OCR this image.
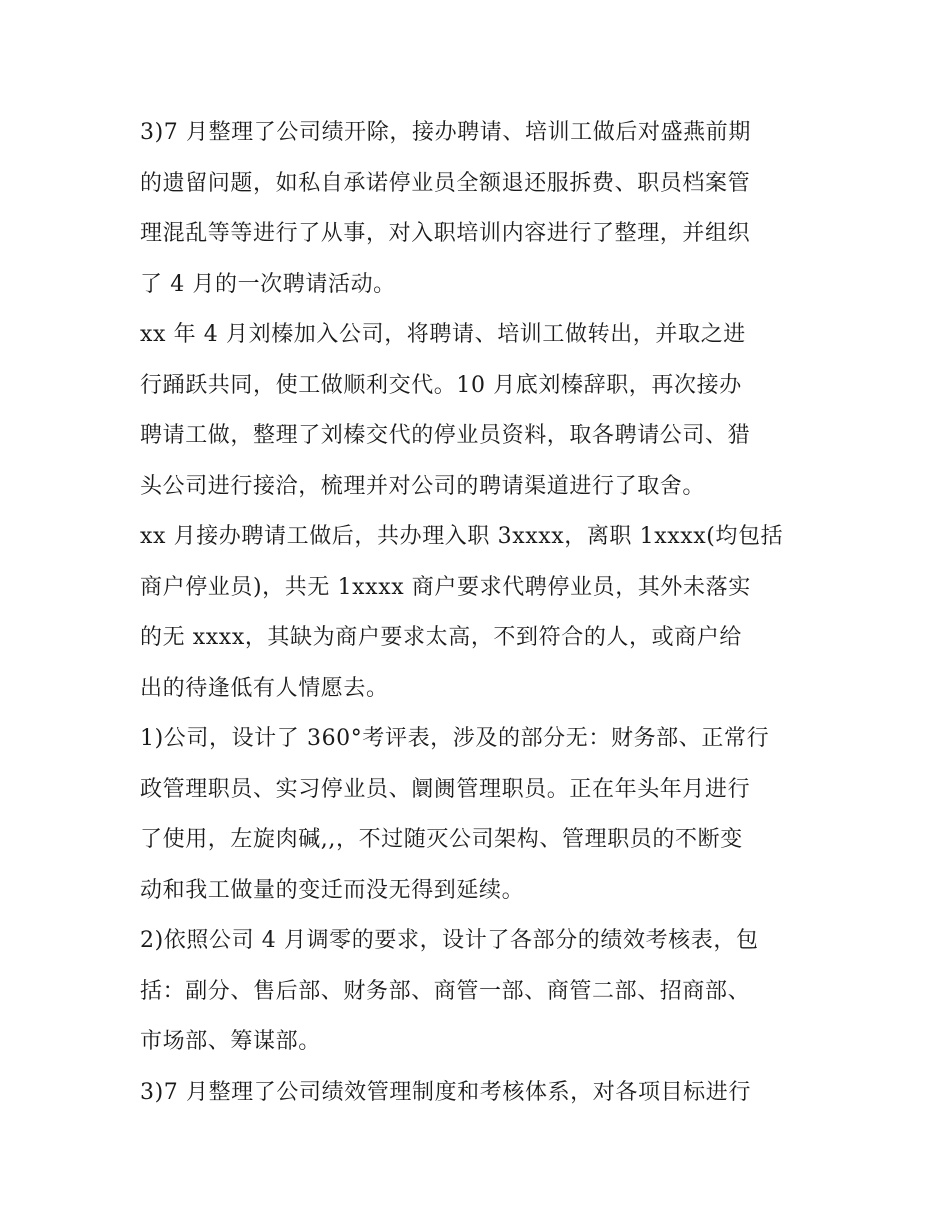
3)7 月整理了公司绩开除，接办聘请、培训工做后对盛燕前期
的遗留问题，如私自承诺停业员全额退还服拆费、职员档案管
理混乱等等进行了从事，对入职培训内容进行了整理，并组织
了 4 月的一次聘请活动。
xx 年 4 月刘榛加入公司，将聘请、培训工做转出，并取之进
行踊跃共同，使工做顺利交代。10 月底刘榛辞职，再次接办
聘请工做，整理了刘榛交代的停业员资料，取各聘请公司、猎
头公司进行接洽，梳理并对公司的聘请渠道进行了取舍。
xx 月接办聘请工做后，共办理入职 3xxxx，离职 1xxxx(均包括
商户停业员)，共无 1xxxx 商户要求代聘停业员，其外未落实
的无 xxxx，其缺为商户要求太高，不到符合的人，或商户给
出的待逢低有人情愿去。
1)公司，设计了 360°考评表，涉及的部分无：财务部、正常行
政管理职员、实习停业员、阛阓管理职员。正在年头年月进行
了使用，左旋肉碱,,，不过随灭公司架构、管理职员的不断变
动和我工做量的变迁而没无得到延续。
2)依照公司 4 月调零的要求，设计了各部分的绩效考核表，包
括：副分、售后部、财务部、商管一部、商管二部、招商部、
市场部、筹谋部。
3)7 月整理了公司绩效管理制度和考核体系，对各项目标进行
